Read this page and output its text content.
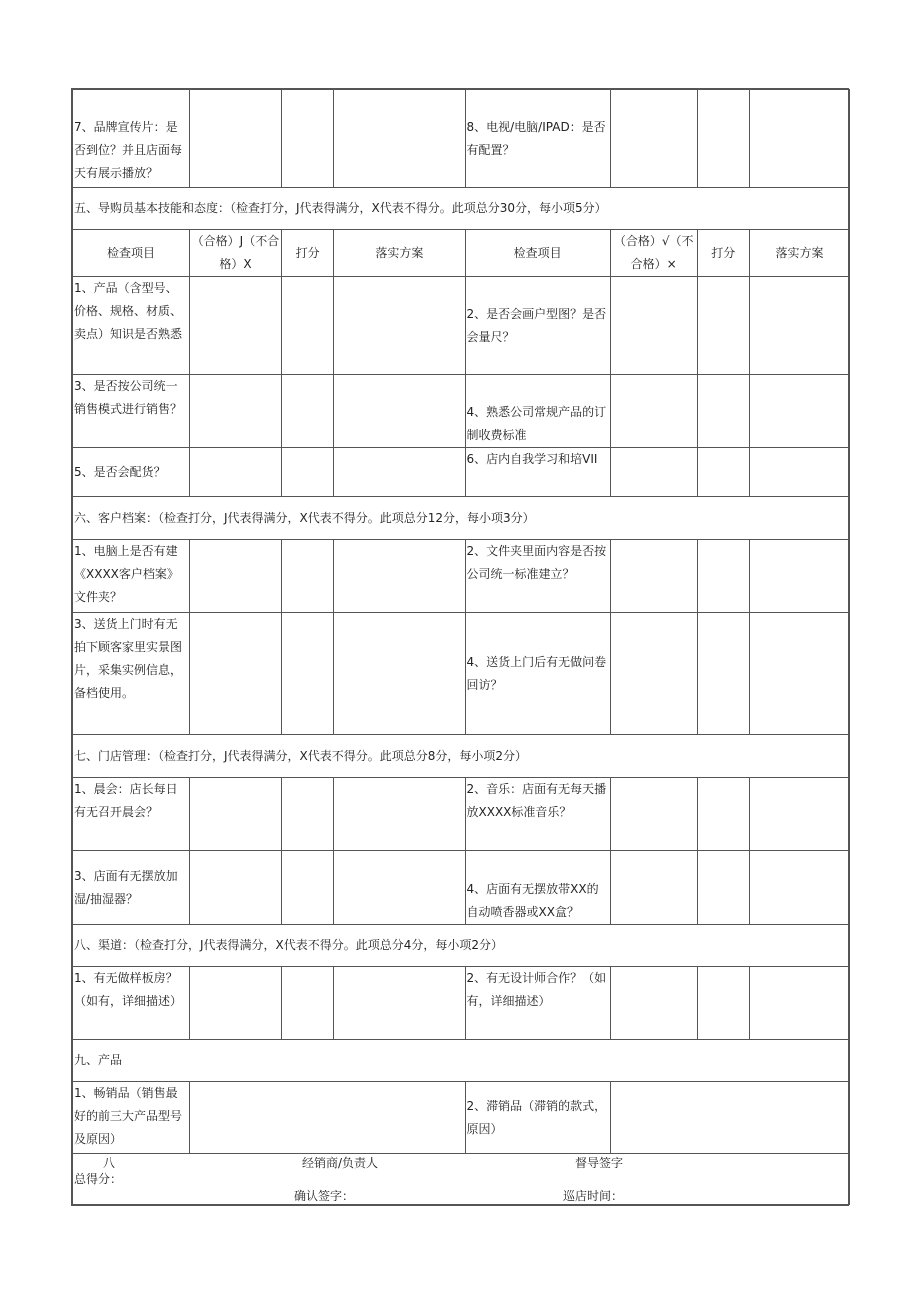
7、品牌宣传片：是否到位？并且店面每天有展示播放？				8、电视/电脑/IPAD：是否有配置？			
五、导购员基本技能和态度：（检查打分，J代表得满分，X代表不得分。此项总分30分，每小项5分）							
检查项目	（合格）J（不合格）X	打分	落实方案	检查项目	（合格）√（不合格）×	打分	落实方案
1、产品（含型号、价格、规格、材质、卖点）知识是否熟悉				2、是否会画户型图？是否会量尺？			
3、是否按公司统一销售模式进行销售？				4、熟悉公司常规产品的订制收费标准			
5、是否会配货？				6、店内自我学习和培VII			
六、客户档案：（检查打分，J代表得满分，X代表不得分。此项总分12分，每小项3分）							
1、电脑上是否有建《XXXX客户档案》文件夹？				2、文件夹里面内容是否按公司统一标准建立？			
3、送货上门时有无拍下顾客家里实景图片，采集实例信息，备档使用。				4、送货上门后有无做问卷回访？			
七、门店管理：（检查打分，J代表得满分，X代表不得分。此项总分8分，每小项2分）							
1、晨会：店长每日有无召开晨会？				2、音乐：店面有无每天播放XXXX标准音乐？			
3、店面有无摆放加湿/抽湿器？				4、店面有无摆放带XX的自动喷香器或XX盒？			
八、渠道：（检查打分，J代表得满分，X代表不得分。此项总分4分，每小项2分）							
1、有无做样板房？（如有，详细描述）				2、有无设计师合作？（如有，详细描述）			
九、产品							
1、畅销品（销售最好的前三大产品型号及原因）				2、滞销品（滞销的款式，原因）			

八
总得分：
经销商/负责人
确认签字：
督导签字
巡店时间：
